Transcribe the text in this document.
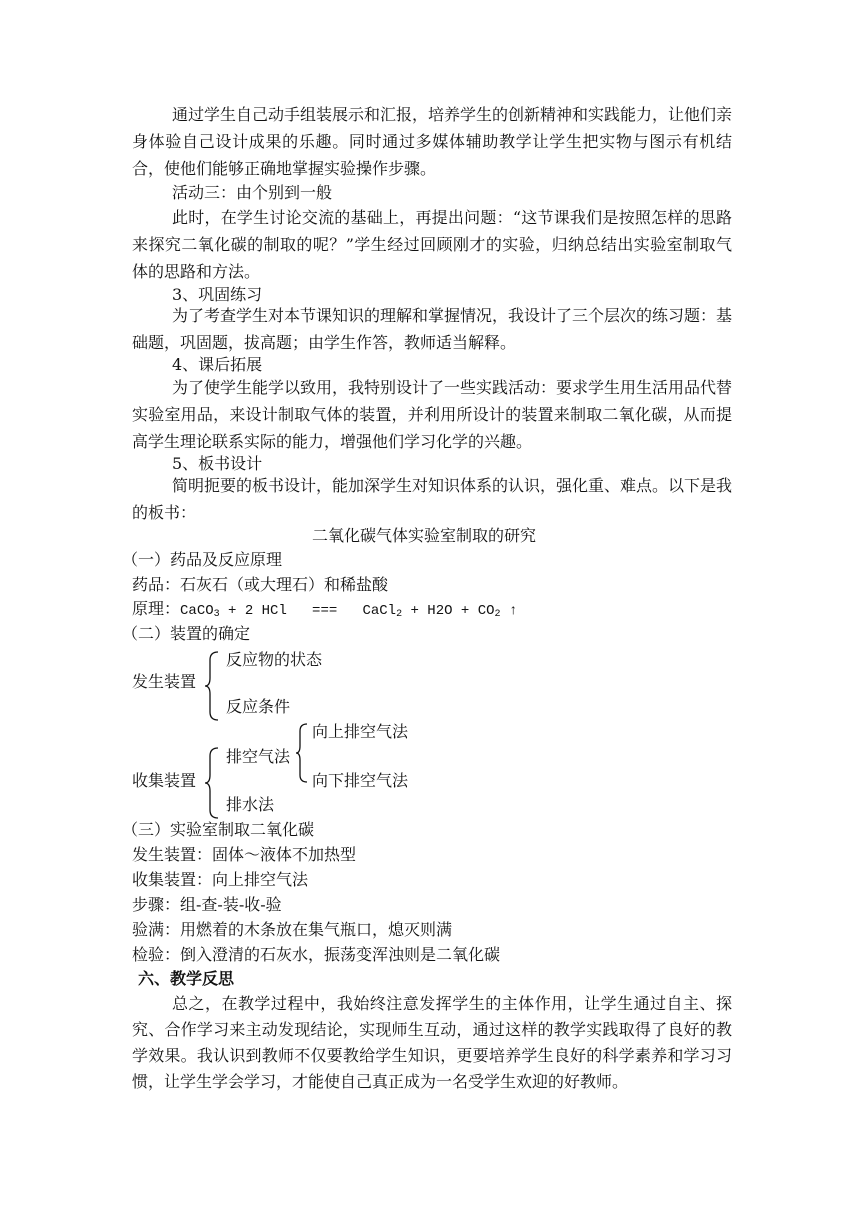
通过学生自己动手组装展示和汇报，培养学生的创新精神和实践能力，让他们亲身体验自己设计成果的乐趣。同时通过多媒体辅助教学让学生把实物与图示有机结合，使他们能够正确地掌握实验操作步骤。

活动三：由个别到一般

此时，在学生讨论交流的基础上，再提出问题：“这节课我们是按照怎样的思路来探究二氧化碳的制取的呢？”学生经过回顾刚才的实验，归纳总结出实验室制取气体的思路和方法。

3、巩固练习

为了考查学生对本节课知识的理解和掌握情况，我设计了三个层次的练习题：基础题，巩固题，拔高题；由学生作答，教师适当解释。

4、课后拓展

为了使学生能学以致用，我特别设计了一些实践活动：要求学生用生活用品代替实验室用品，来设计制取气体的装置，并利用所设计的装置来制取二氧化碳，从而提高学生理论联系实际的能力，增强他们学习化学的兴趣。

5、板书设计

简明扼要的板书设计，能加深学生对知识体系的认识，强化重、难点。以下是我的板书：

二氧化碳气体实验室制取的研究

（一）药品及反应原理

药品：石灰石（或大理石）和稀盐酸

原理：CaCO$_3$ + 2 HCl   ===   CaCl$_2$ + $H2O + CO_2$ ↑

（二）装置的确定

发生装置

反应物的状态

反应条件

收集装置

排空气法

向上排空气法

向下排空气法

排水法

（三）实验室制取二氧化碳

发生装置：固体～液体不加热型

收集装置：向上排空气法

步骤：组-查-装-收-验

验满：用燃着的木条放在集气瓶口，熄灭则满

检验：倒入澄清的石灰水，振荡变浑浊则是二氧化碳

六、教学反思

总之，在教学过程中，我始终注意发挥学生的主体作用，让学生通过自主、探究、合作学习来主动发现结论，实现师生互动，通过这样的教学实践取得了良好的教学效果。我认识到教师不仅要教给学生知识，更要培养学生良好的科学素养和学习习惯，让学生学会学习，才能使自己真正成为一名受学生欢迎的好教师。
